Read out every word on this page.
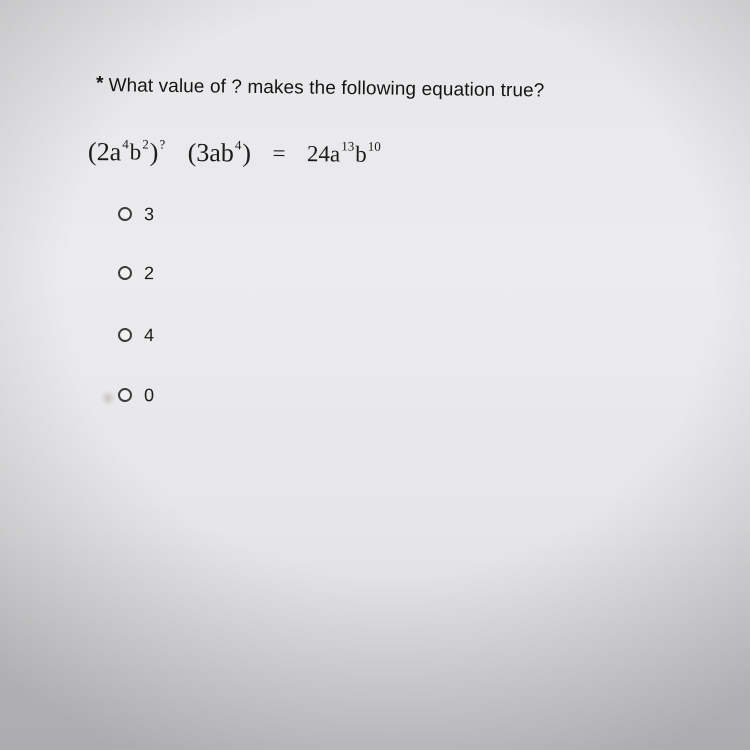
* What value of ? makes the following equation true?
$(2a^4b^2)^?$ $(3ab^4) = 24a^{13}b^{10}$
3
2
4
0
